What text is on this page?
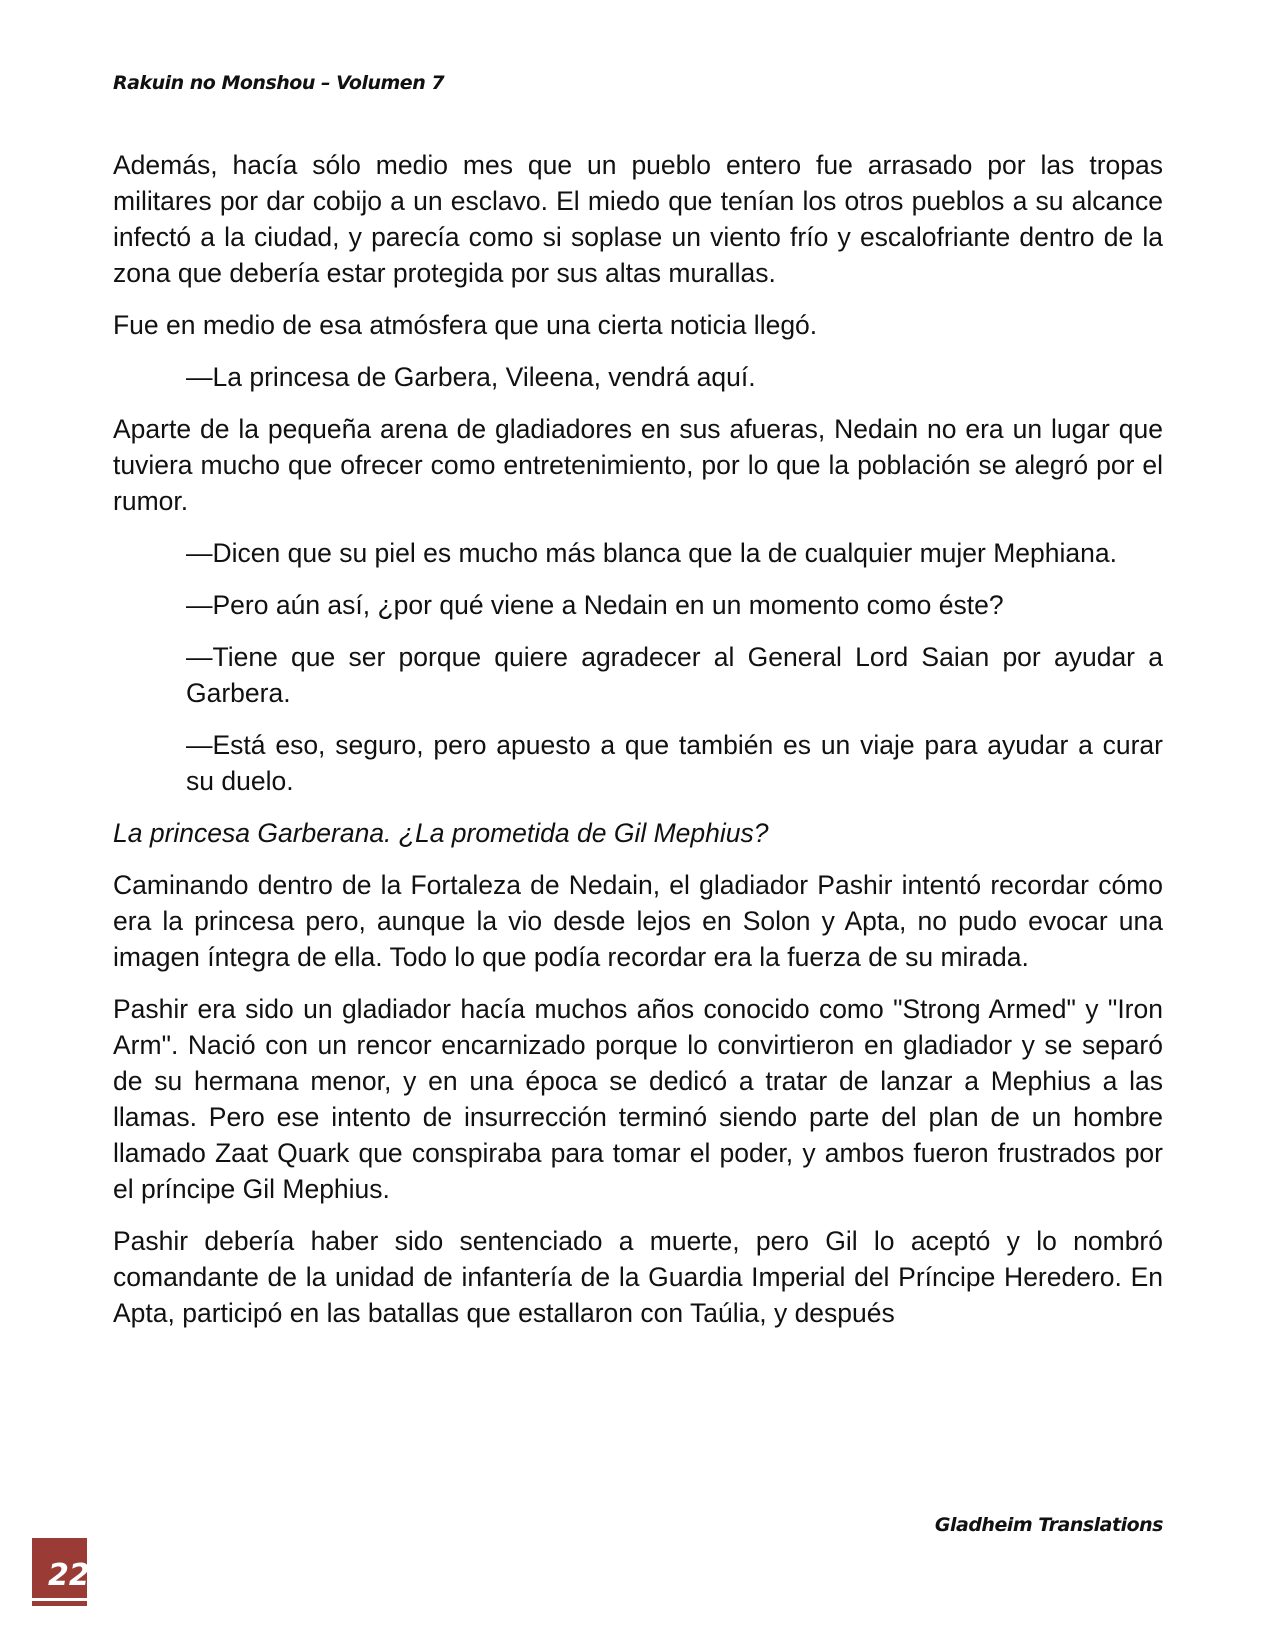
Rakuin no Monshou – Volumen 7

Además, hacía sólo medio mes que un pueblo entero fue arrasado por las tropas militares por dar cobijo a un esclavo. El miedo que tenían los otros pueblos a su alcance infectó a la ciudad, y parecía como si soplase un viento frío y escalofriante dentro de la zona que debería estar protegida por sus altas murallas.

Fue en medio de esa atmósfera que una cierta noticia llegó.

—La princesa de Garbera, Vileena, vendrá aquí.

Aparte de la pequeña arena de gladiadores en sus afueras, Nedain no era un lugar que tuviera mucho que ofrecer como entretenimiento, por lo que la población se alegró por el rumor.

—Dicen que su piel es mucho más blanca que la de cualquier mujer Mephiana.

—Pero aún así, ¿por qué viene a Nedain en un momento como éste?

—Tiene que ser porque quiere agradecer al General Lord Saian por ayudar a Garbera.

—Está eso, seguro, pero apuesto a que también es un viaje para ayudar a curar su duelo.

La princesa Garberana. ¿La prometida de Gil Mephius?

Caminando dentro de la Fortaleza de Nedain, el gladiador Pashir intentó recordar cómo era la princesa pero, aunque la vio desde lejos en Solon y Apta, no pudo evocar una imagen íntegra de ella. Todo lo que podía recordar era la fuerza de su mirada.

Pashir era sido un gladiador hacía muchos años conocido como "Strong Armed" y "Iron Arm". Nació con un rencor encarnizado porque lo convirtieron en gladiador y se separó de su hermana menor, y en una época se dedicó a tratar de lanzar a Mephius a las llamas. Pero ese intento de insurrección terminó siendo parte del plan de un hombre llamado Zaat Quark que conspiraba para tomar el poder, y ambos fueron frustrados por el príncipe Gil Mephius.

Pashir debería haber sido sentenciado a muerte, pero Gil lo aceptó y lo nombró comandante de la unidad de infantería de la Guardia Imperial del Príncipe Heredero. En Apta, participó en las batallas que estallaron con Taúlia, y después

Gladheim Translations
22
